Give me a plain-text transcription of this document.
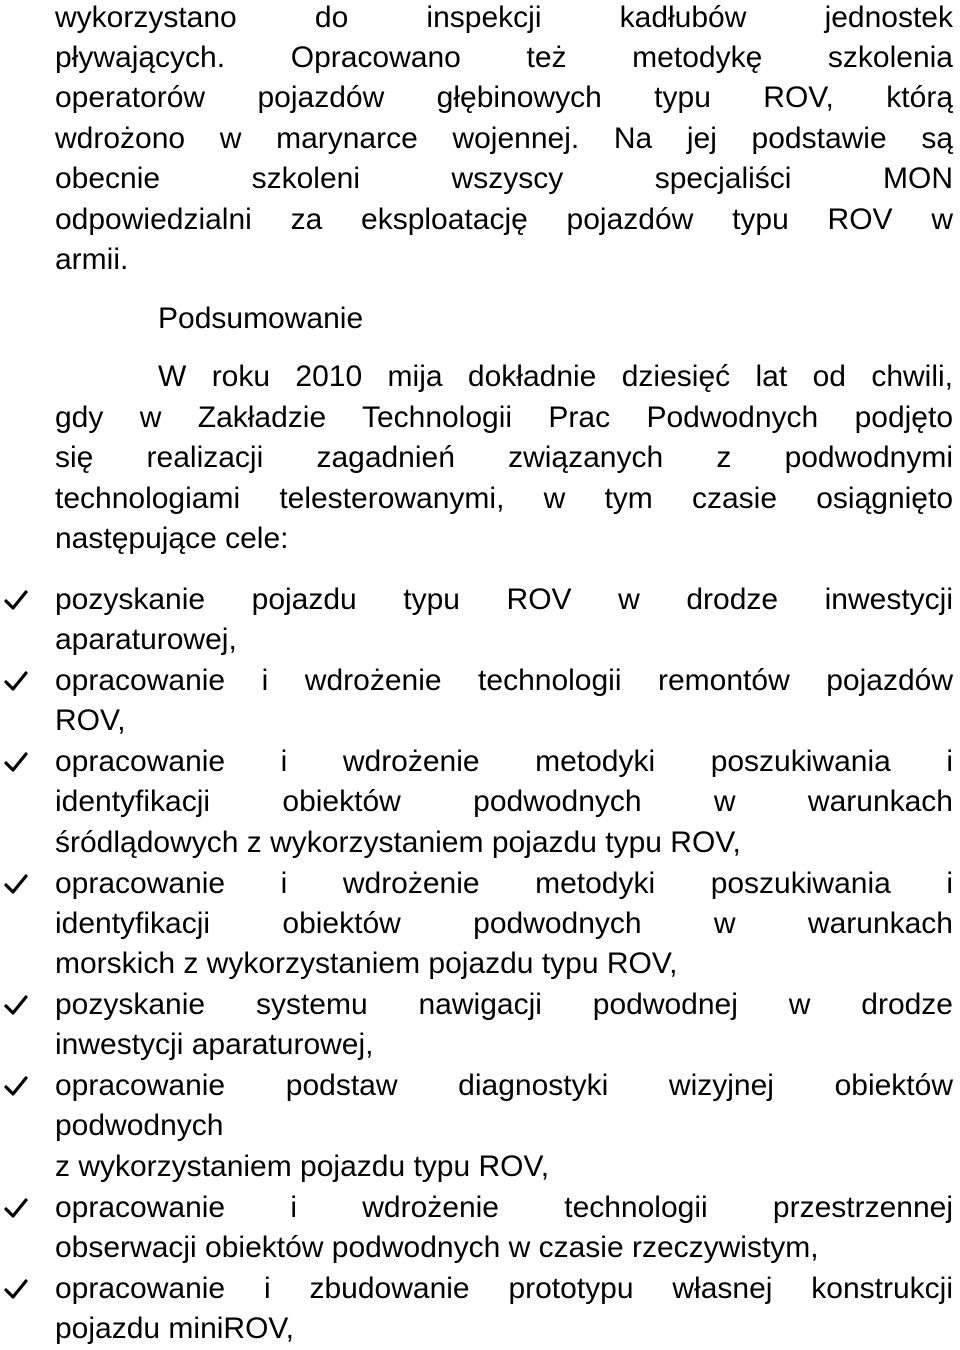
wykorzystano do inspekcji kadłubów jednostek

pływających. Opracowano też metodykę szkolenia

operatorów pojazdów głębinowych typu ROV, którą

wdrożono w marynarce wojennej. Na jej podstawie są

obecnie szkoleni wszyscy specjaliści MON

odpowiedzialni za eksploatację pojazdów typu ROV w

armii.

Podsumowanie

W roku 2010 mija dokładnie dziesięć lat od chwili,

gdy w Zakładzie Technologii Prac Podwodnych podjęto

się realizacji zagadnień związanych z podwodnymi

technologiami telesterowanymi, w tym czasie osiągnięto

następujące cele:

pozyskanie pojazdu typu ROV w drodze inwestycji

aparaturowej,

opracowanie i wdrożenie technologii remontów pojazdów

ROV,

opracowanie i wdrożenie metodyki poszukiwania i

identyfikacji obiektów podwodnych w warunkach

śródlądowych z wykorzystaniem pojazdu typu ROV,

opracowanie i wdrożenie metodyki poszukiwania i

identyfikacji obiektów podwodnych w warunkach

morskich z wykorzystaniem pojazdu typu ROV,

pozyskanie systemu nawigacji podwodnej w drodze

inwestycji aparaturowej,

opracowanie podstaw diagnostyki wizyjnej obiektów

podwodnych

z wykorzystaniem pojazdu typu ROV,

opracowanie i wdrożenie technologii przestrzennej

obserwacji obiektów podwodnych w czasie rzeczywistym,

opracowanie i zbudowanie prototypu własnej konstrukcji

pojazdu miniROV,
